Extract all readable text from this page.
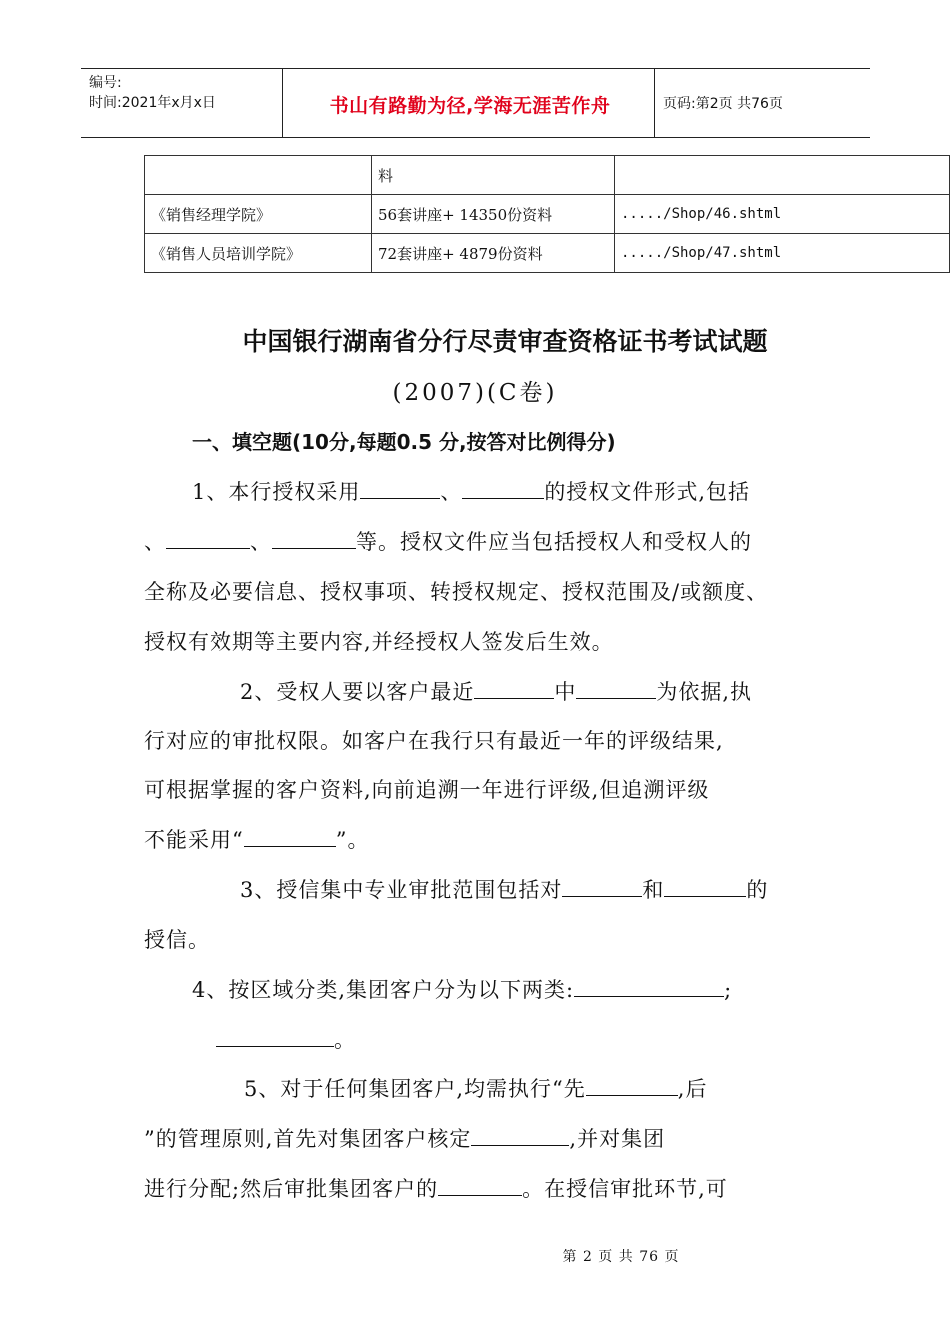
编号:
时间:2021年x月x日	书山有路勤为径,学海无涯苦作舟	页码:第2页 共76页
	料	
《销售经理学院》	56套讲座+ 14350份资料	...../Shop/46.shtml
《销售人员培训学院》	72套讲座+ 4879份资料	...../Shop/47.shtml
中国银行湖南省分行尽责审查资格证书考试试题
(2007)(C卷)
一、填空题(10分,每题0.5 分,按答对比例得分)
1、本行授权采用	、	的授权文件形式,包括
、	、	等。授权文件应当包括授权人和受权人的
全称及必要信息、授权事项、转授权规定、授权范围及/或额度、
授权有效期等主要内容,并经授权人签发后生效。
2、受权人要以客户最近	中	为依据,执
行对应的审批权限。如客户在我行只有最近一年的评级结果,
可根据掌握的客户资料,向前追溯一年进行评级,但追溯评级
不能采用“	”。
3、授信集中专业审批范围包括对	和	的
授信。
4、按区域分类,集团客户分为以下两类:	;
。
5、对于任何集团客户,均需执行“先	,后
”的管理原则,首先对集团客户核定	,并对集团
进行分配;然后审批集团客户的	。在授信审批环节,可
第 2 页 共 76 页
